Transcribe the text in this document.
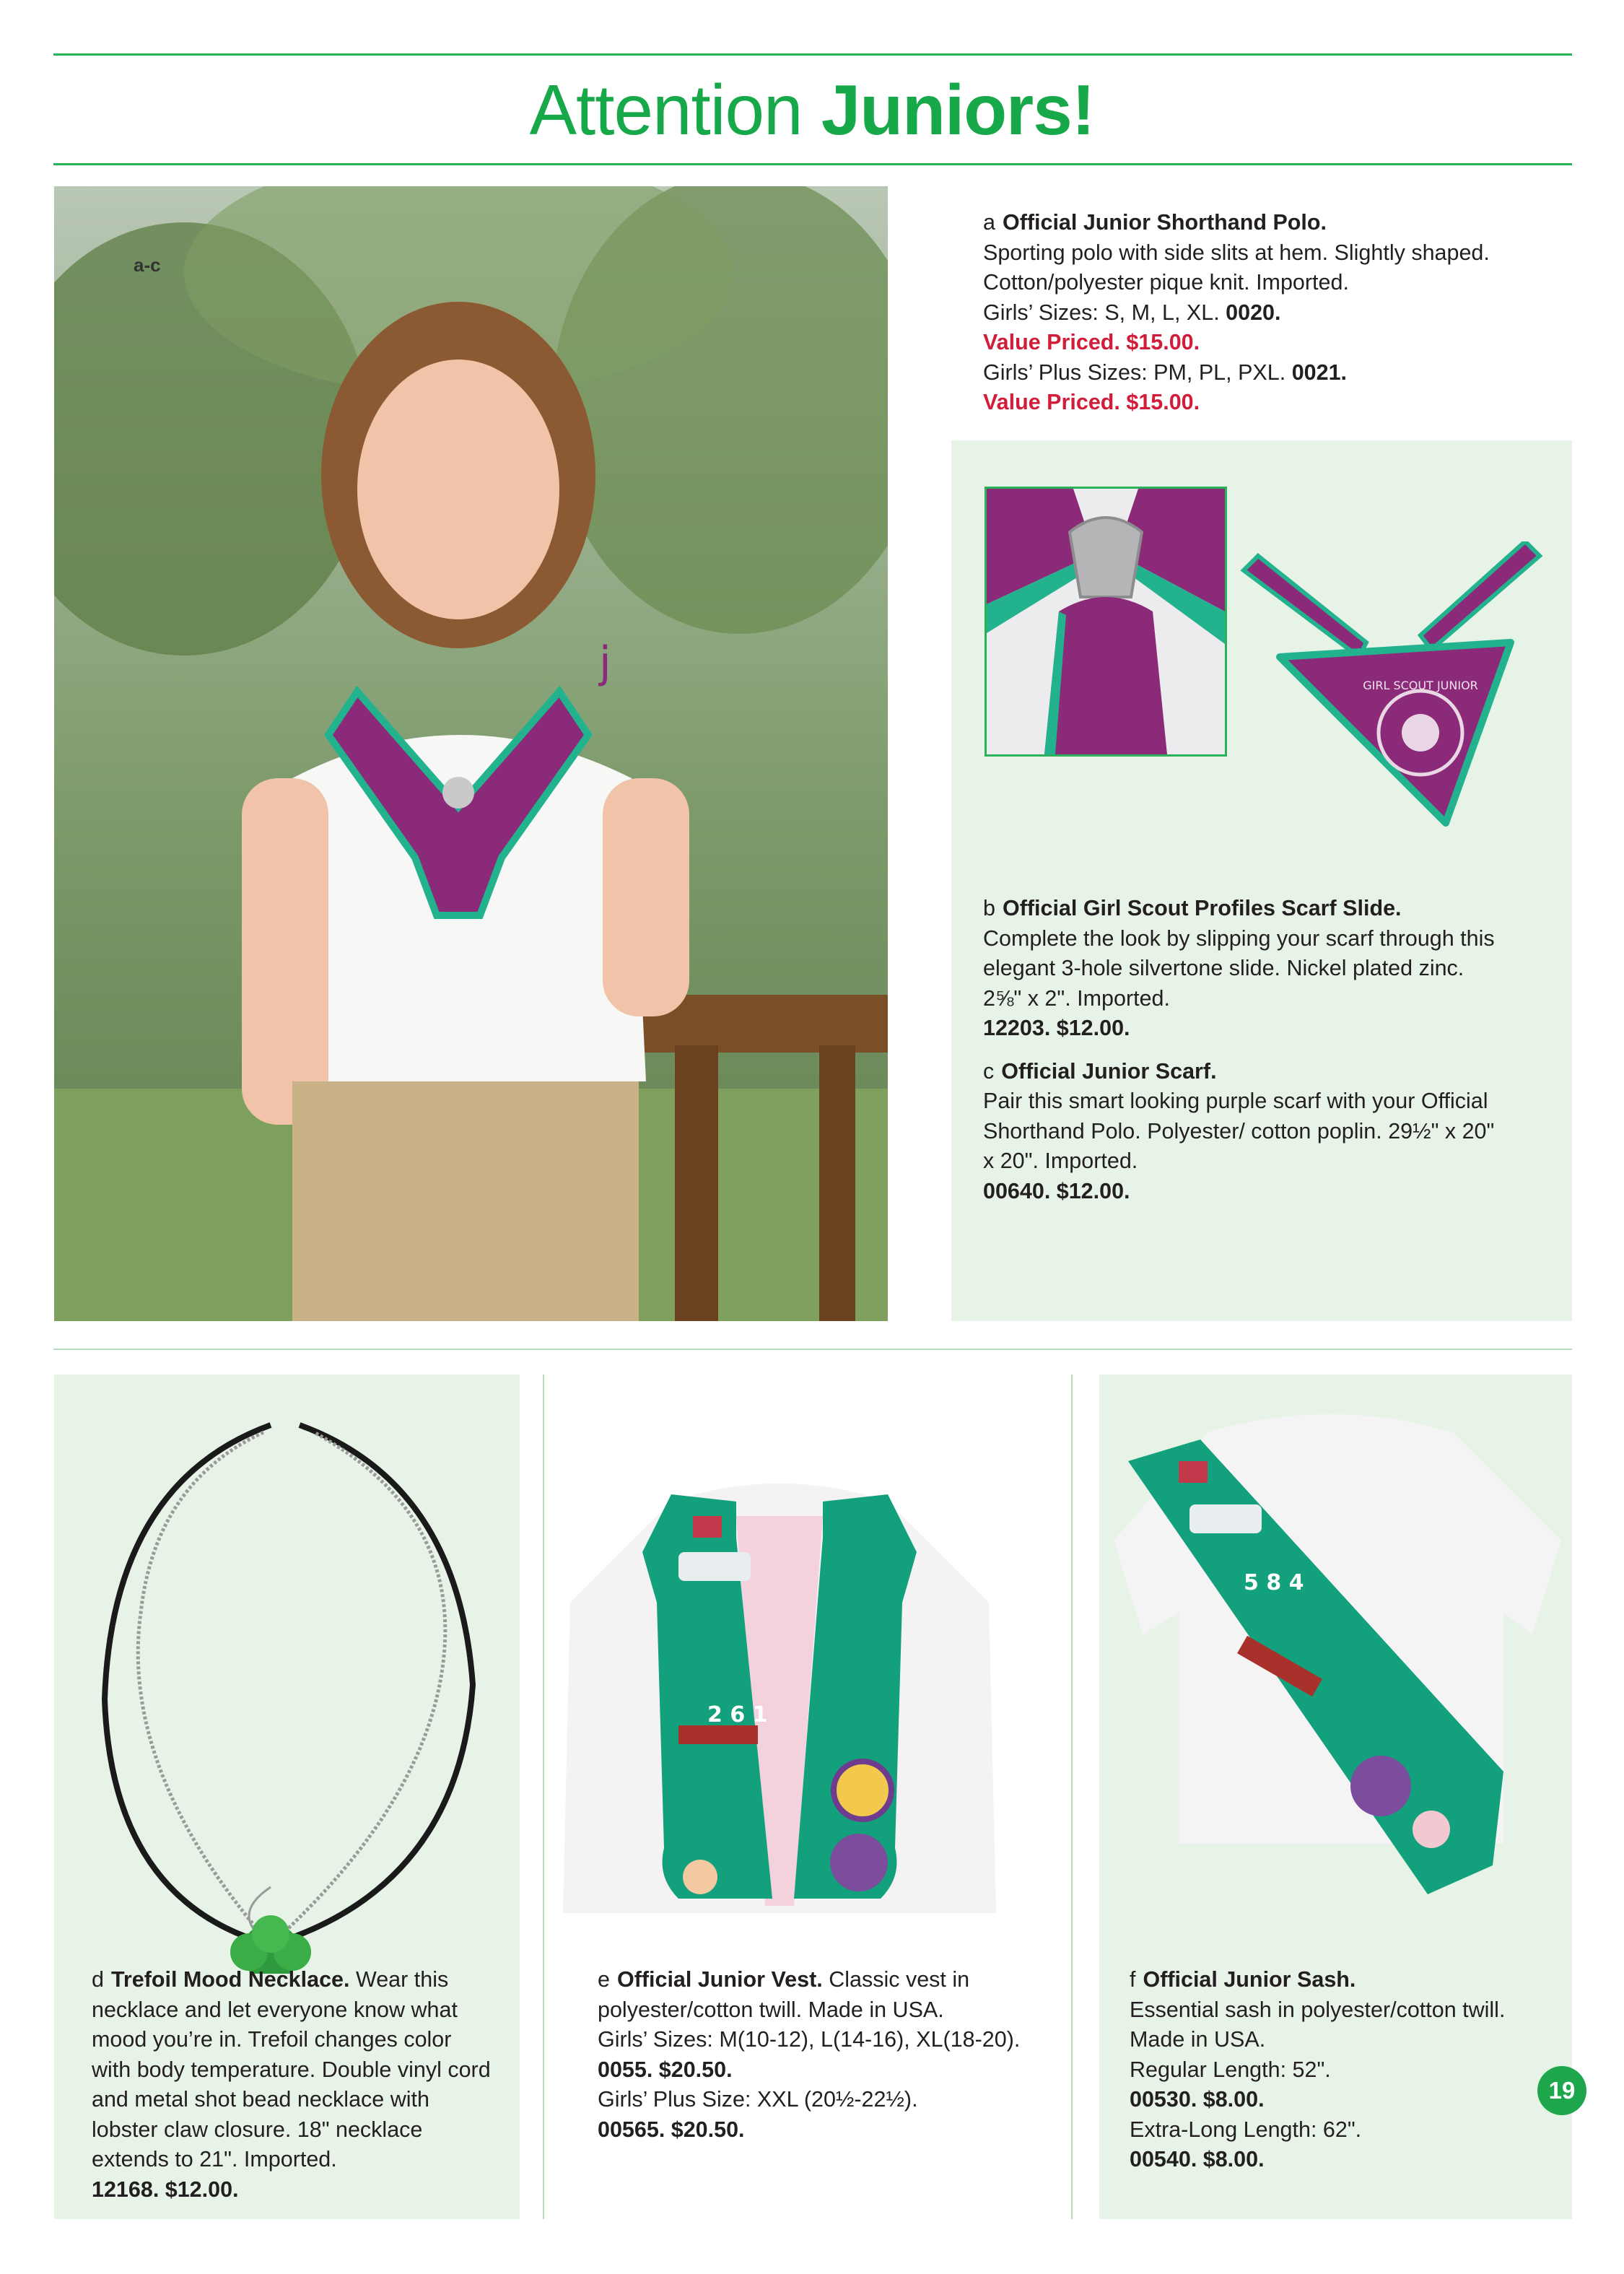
Attention Juniors!
j
a-c

a Official Junior Shorthand Polo.

Sporting polo with side slits at hem. Slightly shaped. Cotton/polyester pique knit. Imported.

Girls’ Sizes: S, M, L, XL. 0020.

Value Priced. $15.00.

Girls’ Plus Sizes: PM, PL, PXL. 0021.

Value Priced. $15.00.

GIRL SCOUT JUNIOR

b Official Girl Scout Profiles Scarf Slide.

Complete the look by slipping your scarf through this elegant 3-hole silvertone slide. Nickel plated zinc. 2⅝" x 2". Imported.

12203. $12.00.

c Official Junior Scarf.

Pair this smart looking purple scarf with your Official Shorthand Polo. Polyester/ cotton poplin. 29½" x 20" x 20". Imported.

00640. $12.00.

d Trefoil Mood Necklace. Wear this necklace and let everyone know what mood you’re in. Trefoil changes color with body temperature. Double vinyl cord and metal shot bead necklace with lobster claw closure. 18" necklace extends to 21". Imported.

12168. $12.00.

2 6 1

e Official Junior Vest. Classic vest in polyester/cotton twill. Made in USA.

Girls’ Sizes: M(10-12), L(14-16), XL(18-20).

0055. $20.50.

Girls’ Plus Size: XXL (20½-22½).

00565. $20.50.

5 8 4

f Official Junior Sash.

Essential sash in polyester/cotton twill. Made in USA.

Regular Length: 52".

00530. $8.00.

Extra-Long Length: 62".

00540. $8.00.

19
